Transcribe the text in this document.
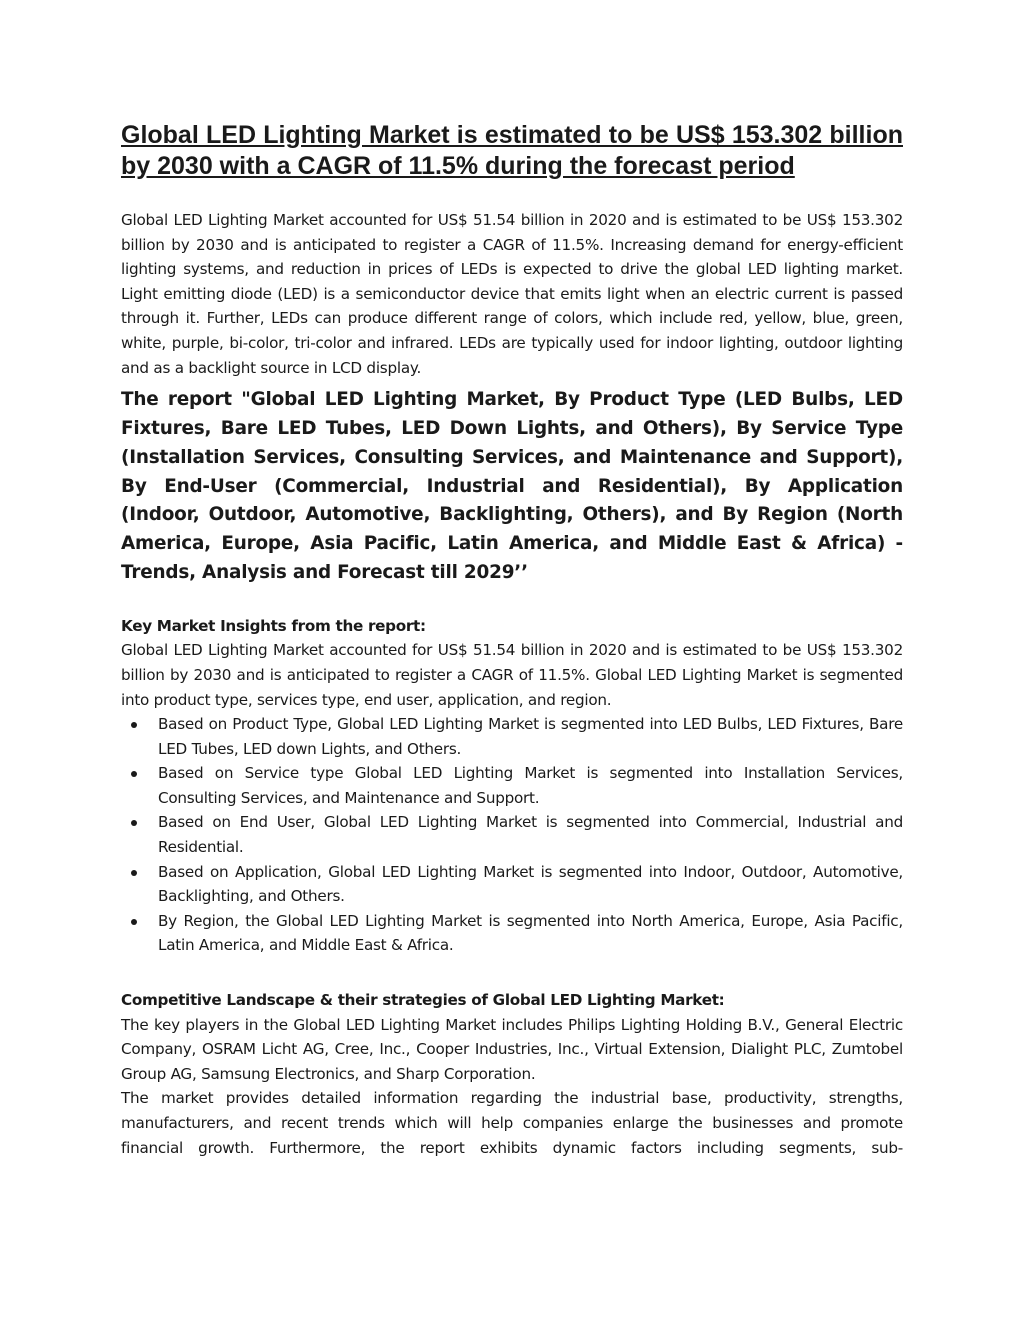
Global LED Lighting Market is estimated to be US$ 153.302 billion by 2030 with a CAGR of 11.5% during the forecast period

Global LED Lighting Market accounted for US$ 51.54 billion in 2020 and is estimated to be US$ 153.302 billion by 2030 and is anticipated to register a CAGR of 11.5%. Increasing demand for energy-efficient lighting systems, and reduction in prices of LEDs is expected to drive the global LED lighting market. Light emitting diode (LED) is a semiconductor device that emits light when an electric current is passed through it. Further, LEDs can produce different range of colors, which include red, yellow, blue, green, white, purple, bi-color, tri-color and infrared. LEDs are typically used for indoor lighting, outdoor lighting and as a backlight source in LCD display.

The report "Global LED Lighting Market, By Product Type (LED Bulbs, LED Fixtures, Bare LED Tubes, LED Down Lights, and Others), By Service Type (Installation Services, Consulting Services, and Maintenance and Support), By End-User (Commercial, Industrial and Residential), By Application (Indoor, Outdoor, Automotive, Backlighting, Others), and By Region (North America, Europe, Asia Pacific, Latin America, and Middle East & Africa) - Trends, Analysis and Forecast till 2029’’

Key Market Insights from the report:

Global LED Lighting Market accounted for US$ 51.54 billion in 2020 and is estimated to be US$ 153.302 billion by 2030 and is anticipated to register a CAGR of 11.5%. Global LED Lighting Market is segmented into product type, services type, end user, application, and region.

Based on Product Type, Global LED Lighting Market is segmented into LED Bulbs, LED Fixtures, Bare LED Tubes, LED down Lights, and Others.
Based on Service type Global LED Lighting Market is segmented into Installation Services, Consulting Services, and Maintenance and Support.
Based on End User, Global LED Lighting Market is segmented into Commercial, Industrial and Residential.
Based on Application, Global LED Lighting Market is segmented into Indoor, Outdoor, Automotive, Backlighting, and Others.
By Region, the Global LED Lighting Market is segmented into North America, Europe, Asia Pacific, Latin America, and Middle East & Africa.

Competitive Landscape & their strategies of Global LED Lighting Market:

The key players in the Global LED Lighting Market includes Philips Lighting Holding B.V., General Electric Company, OSRAM Licht AG, Cree, Inc., Cooper Industries, Inc., Virtual Extension, Dialight PLC, Zumtobel Group AG, Samsung Electronics, and Sharp Corporation.

The market provides detailed information regarding the industrial base, productivity, strengths, manufacturers, and recent trends which will help companies enlarge the businesses and promote financial growth. Furthermore, the report exhibits dynamic factors including segments, sub-
